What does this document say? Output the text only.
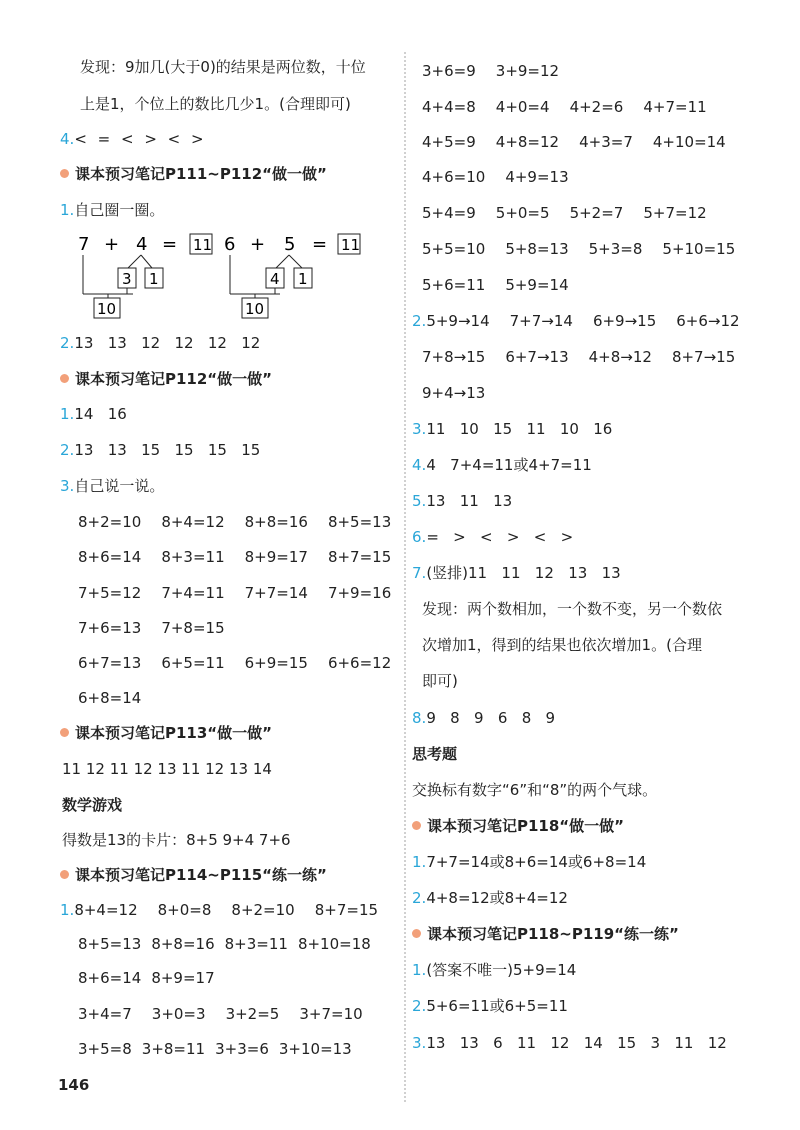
发现：9加几(大于0)的结果是两位数，十位
上是1，个位上的数比几少1。(合理即可)
4.< = < > < >
课本预习笔记P111~P112“做一做”
1.自己圈一圈。
7 + 4 = 11
3 1
10
6 + 5 = 11
4 1
10
2.13   13   12   12   12   12
课本预习笔记P112“做一做”
1.14   16
2.13   13   15   15   15   15
3.自己说一说。
8+2=10 8+4=12 8+8=16 8+5=13
8+6=14 8+3=11 8+9=17 8+7=15
7+5=12 7+4=11 7+7=14 7+9=16
7+6=13 7+8=15
6+7=13 6+5=11 6+9=15 6+6=12
6+8=14
课本预习笔记P113“做一做”
11 12 11 12 13 11 12 13 14
数学游戏
得数是13的卡片：8+5 9+4 7+6
课本预习笔记P114~P115“练一练”
1.8+4=12 8+0=8 8+2=10 8+7=15
8+5=13 8+8=16 8+3=11 8+10=18
8+6=14 8+9=17
3+4=7 3+0=3 3+2=5 3+7=10
3+5=8 3+8=11 3+3=6 3+10=13
3+6=9 3+9=12
4+4=8 4+0=4 4+2=6 4+7=11
4+5=9 4+8=12 4+3=7 4+10=14
4+6=10 4+9=13
5+4=9 5+0=5 5+2=7 5+7=12
5+5=10 5+8=13 5+3=8 5+10=15
5+6=11 5+9=14
2.5+9→14 7+7→14 6+9→15 6+6→12
7+8→15 6+7→13 4+8→12 8+7→15
9+4→13
3.11   10   15   11   10   16
4.4   7+4=11或4+7=11
5.13   11   13
6.=   >   <   >   <   >
7.(竖排)11   11   12   13   13
发现：两个数相加，一个数不变，另一个数依
次增加1，得到的结果也依次增加1。(合理
即可)
8.9   8   9   6   8   9
思考题
交换标有数字“6”和“8”的两个气球。
课本预习笔记P118“做一做”
1.7+7=14或8+6=14或6+8=14
2.4+8=12或8+4=12
课本预习笔记P118~P119“练一练”
1.(答案不唯一)5+9=14
2.5+6=11或6+5=11
3.13   13   6   11   12   14   15   3   11   12
146
